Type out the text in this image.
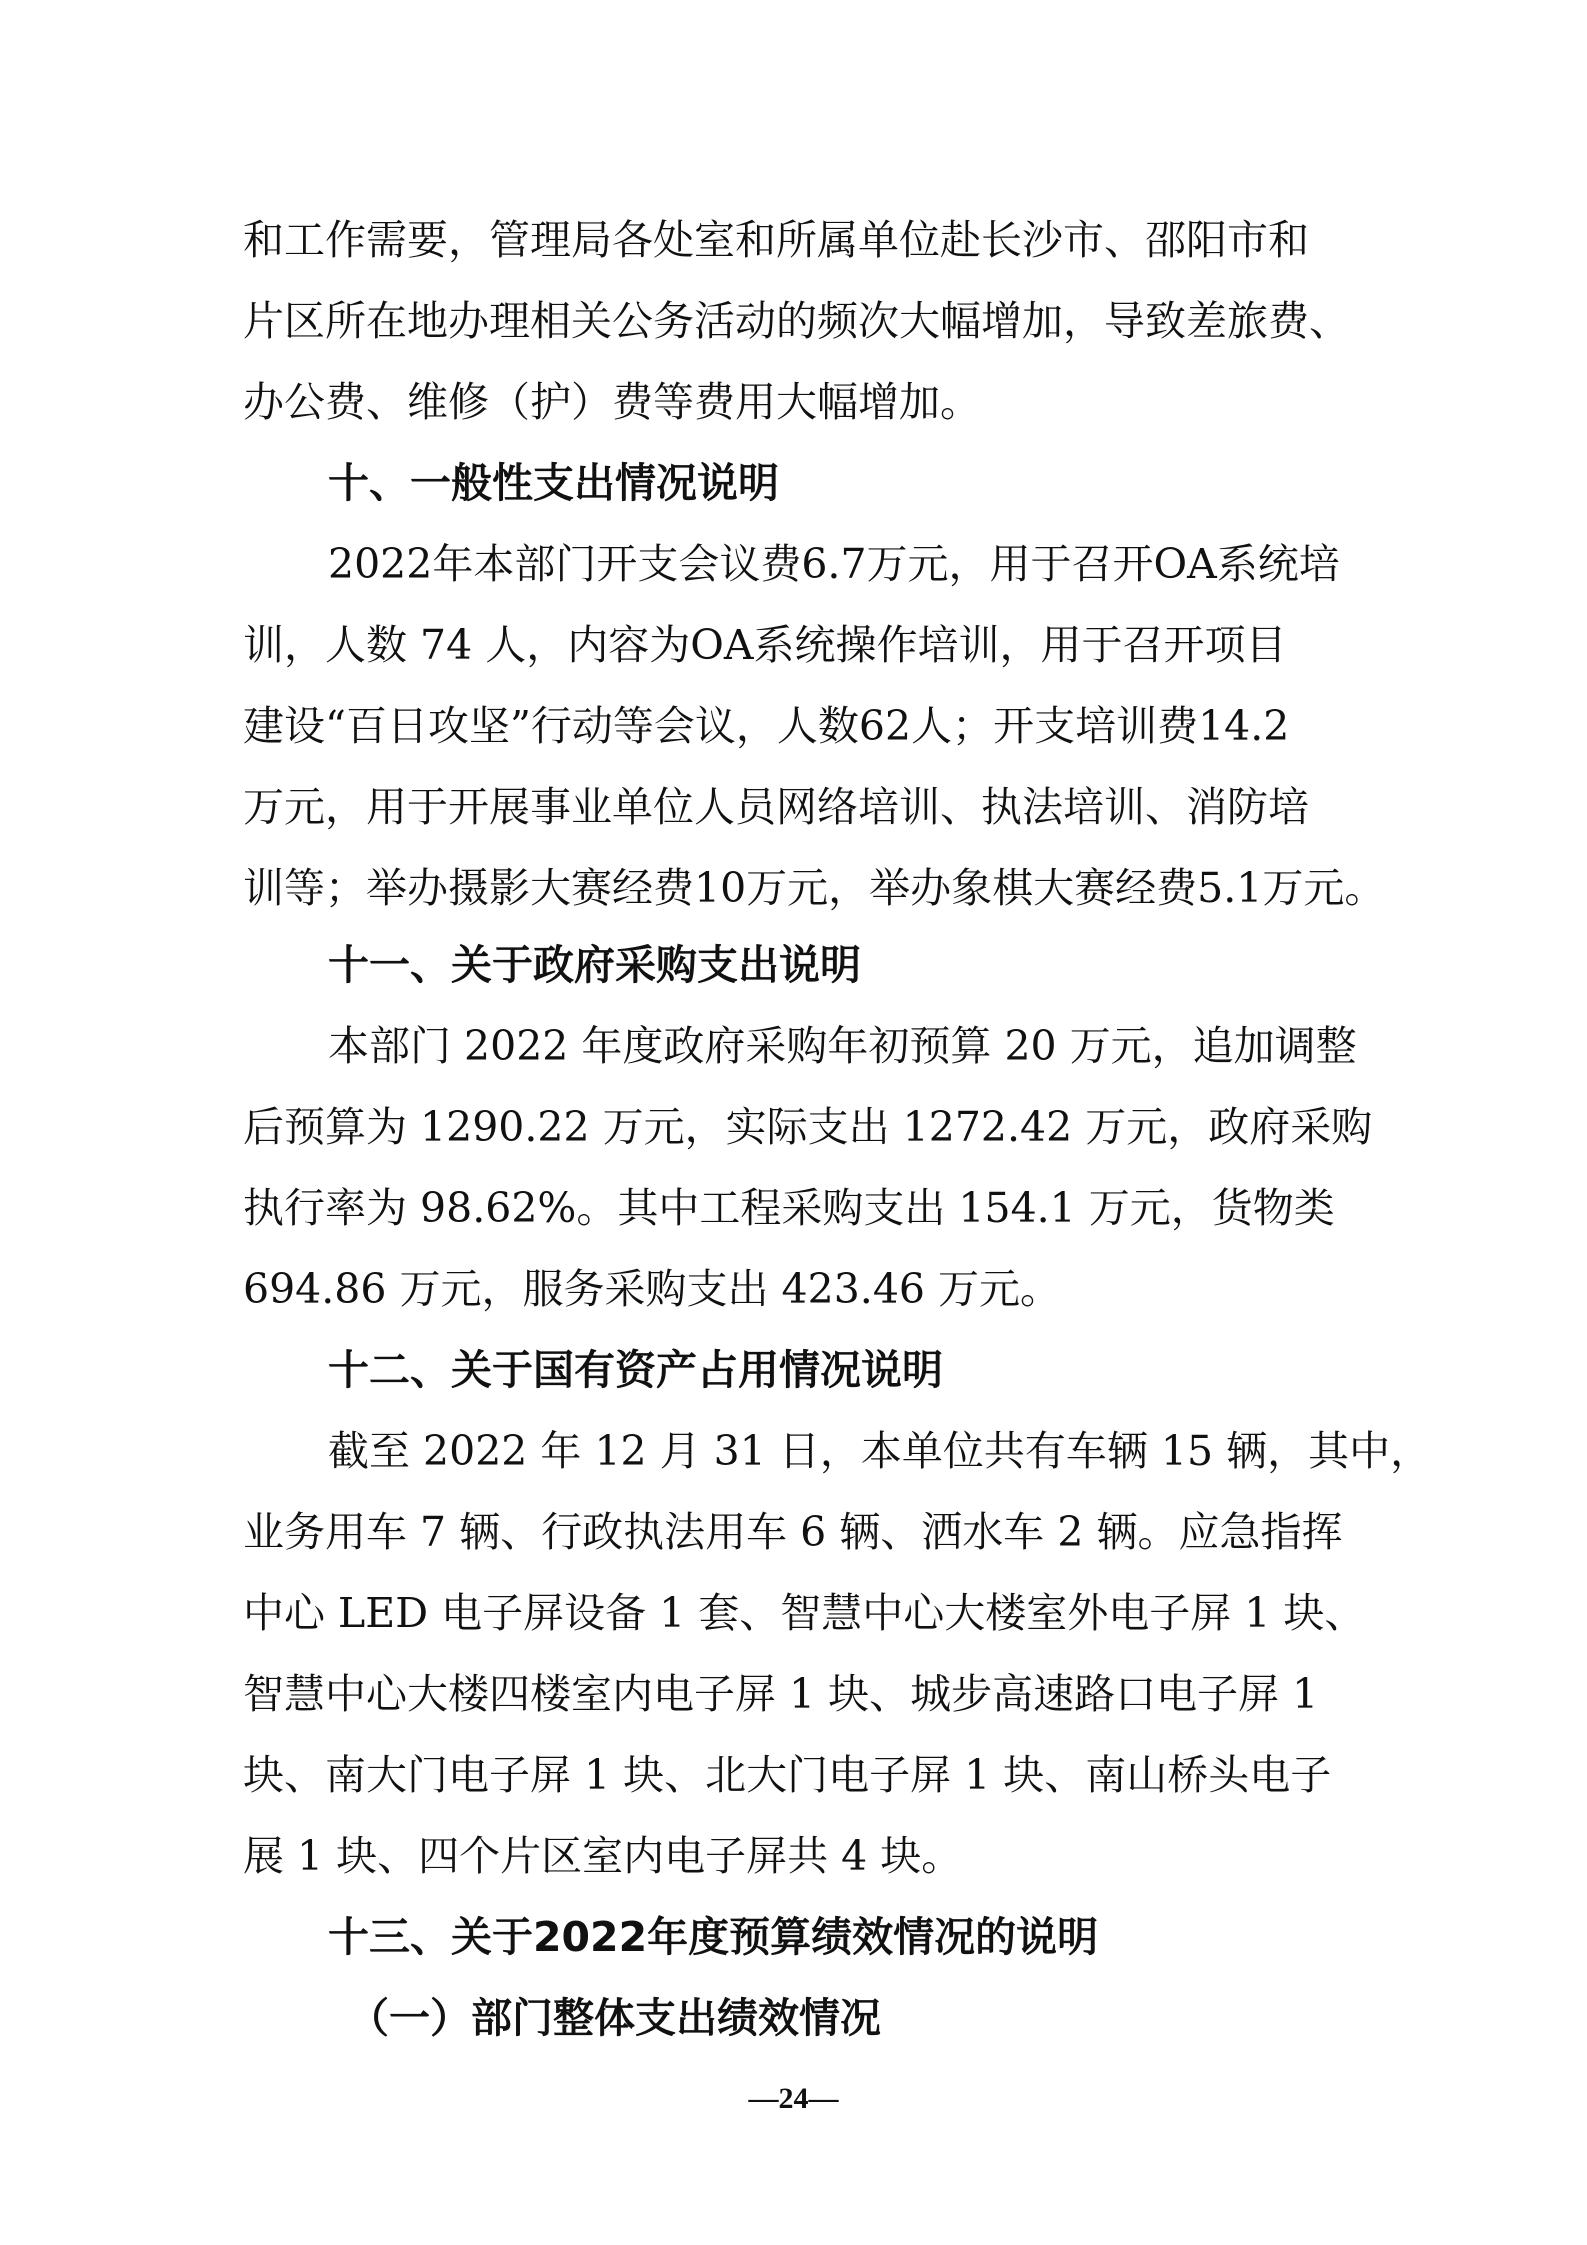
和工作需要，管理局各处室和所属单位赴长沙市、邵阳市和
片区所在地办理相关公务活动的频次大幅增加，导致差旅费、
办公费、维修（护）费等费用大幅增加。
十、一般性支出情况说明
2022年本部门开支会议费6.7万元，用于召开OA系统培
训，人数 74 人，内容为OA系统操作培训，用于召开项目
建设“百日攻坚”行动等会议，人数62人；开支培训费14.2
万元，用于开展事业单位人员网络培训、执法培训、消防培
训等；举办摄影大赛经费10万元，举办象棋大赛经费5.1万元。
十一、关于政府采购支出说明
本部门 2022 年度政府采购年初预算 20 万元，追加调整
后预算为 1290.22 万元，实际支出 1272.42 万元，政府采购
执行率为 98.62%。其中工程采购支出 154.1 万元，货物类
694.86 万元，服务采购支出 423.46 万元。
十二、关于国有资产占用情况说明
截至 2022 年 12 月 31 日，本单位共有车辆 15 辆，其中，
业务用车 7 辆、行政执法用车 6 辆、洒水车 2 辆。应急指挥
中心 LED 电子屏设备 1 套、智慧中心大楼室外电子屏 1 块、
智慧中心大楼四楼室内电子屏 1 块、城步高速路口电子屏 1
块、南大门电子屏 1 块、北大门电子屏 1 块、南山桥头电子
展 1 块、四个片区室内电子屏共 4 块。
十三、关于2022年度预算绩效情况的说明
（一）部门整体支出绩效情况
—24—
